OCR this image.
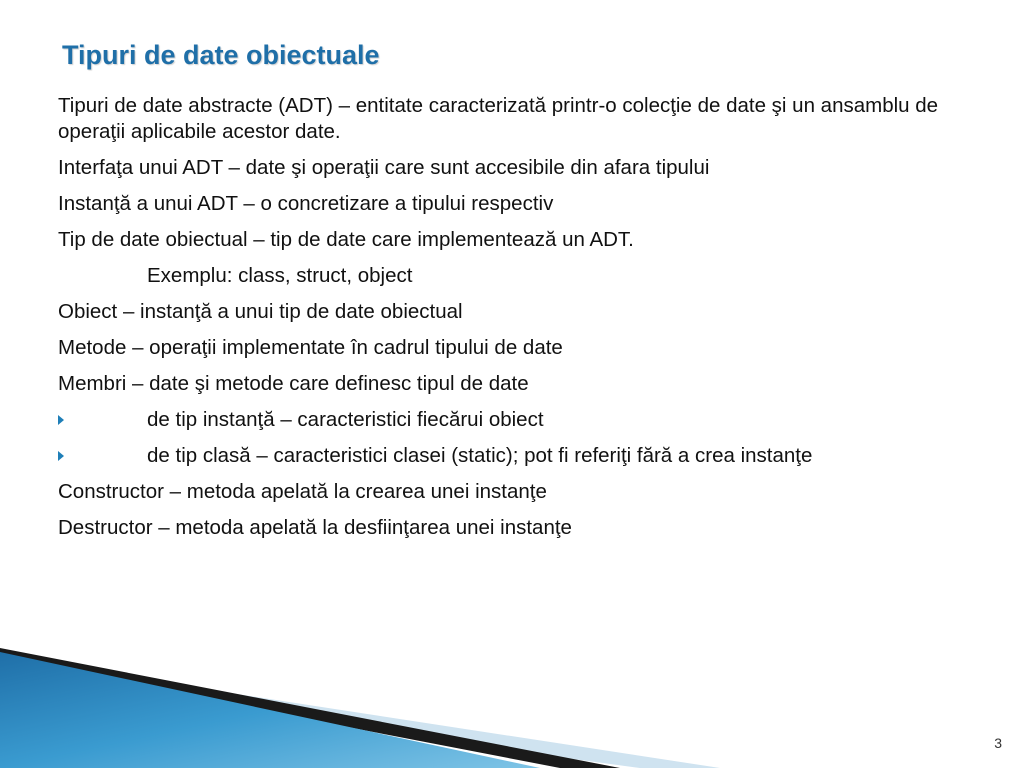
Tipuri de date obiectuale
Tipuri de date abstracte (ADT) – entitate caracterizată printr-o colecţie de date şi un ansamblu de operaţii aplicabile acestor date.
Interfaţa unui ADT – date şi operaţii care sunt accesibile din afara tipului
Instanţă a unui ADT – o concretizare a tipului respectiv
Tip de date obiectual – tip de date care implementează un ADT.
Exemplu: class, struct, object
Obiect – instanţă a unui tip de date obiectual
Metode – operaţii implementate în cadrul tipului de date
Membri – date şi metode care definesc tipul de date
de tip instanţă – caracteristici fiecărui obiect
de tip clasă – caracteristici clasei (static); pot fi referiţi fără a crea instanţe
Constructor – metoda apelată la crearea unei instanţe
Destructor – metoda apelată la desfiinţarea unei instanţe
3
